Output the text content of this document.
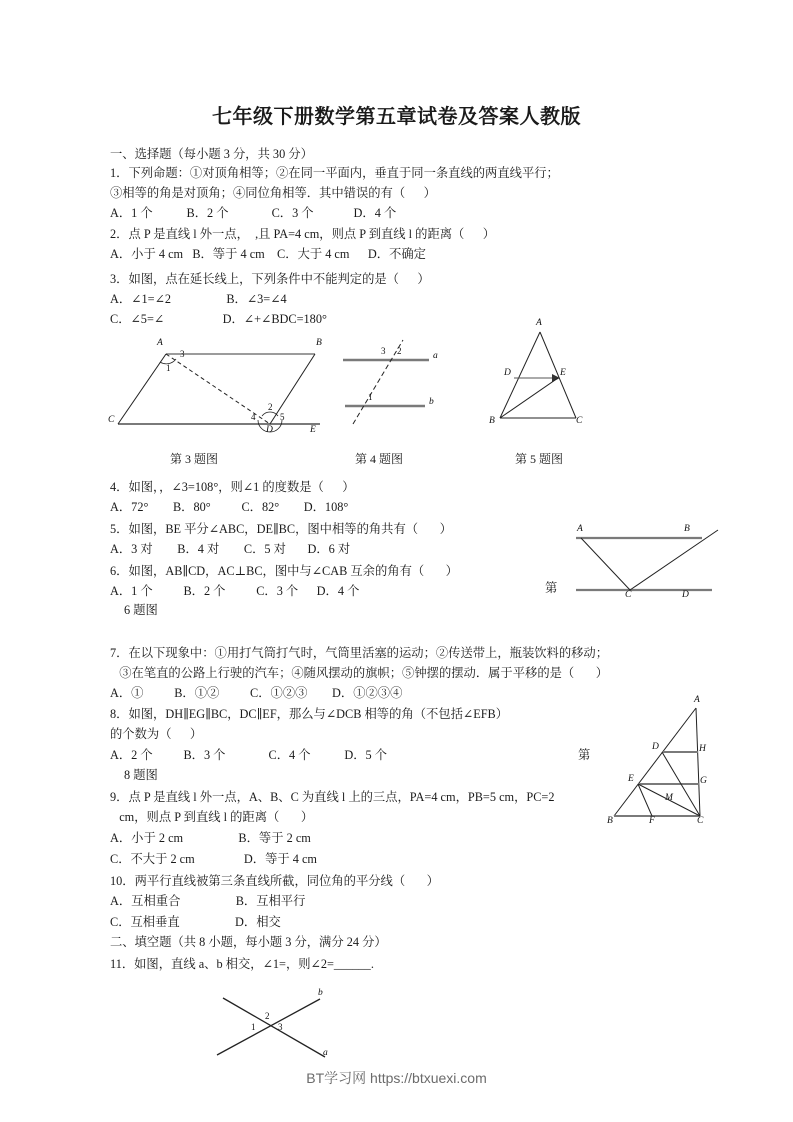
七年级下册数学第五章试卷及答案人教版
一、选择题（每小题 3 分，共 30 分）
1．下列命题：①对顶角相等；②在同一平面内，垂直于同一条直线的两直线平行；
③相等的角是对顶角；④同位角相等．其中错误的有（      ）
A．1 个           B．2 个              C．3 个             D．4 个
2．点 P 是直线 l 外一点，  ,且 PA=4 cm，则点 P 到直线 l 的距离（      ）
A．小于 4 cm   B．等于 4 cm    C．大于 4 cm      D．不确定
3．如图，点在延长线上，下列条件中不能判定的是（      ）
A．∠1=∠2                  B．∠3=∠4
C．∠5=∠                   D．∠+∠BDC=180°
A	B
C
D	E
1
3
2
4	5
a
b
3 2
1
A
B	C
D	E
第 3 题图	第 4 题图	第 5 题图
4．如图，，∠3=108°，则∠1 的度数是（      ）
A．72°        B．80°          C．82°        D．108°
5．如图，BE 平分∠ABC，DE∥BC，图中相等的角共有（       ）
A．3 对        B．4 对        C．5 对       D．6 对
6．如图，AB∥CD，AC⊥BC，图中与∠CAB 互余的角有（       ）
A．1 个          B．2 个          C．3 个      D．4 个
6 题图
第
A	B
C	D
7．在以下现象中：①用打气筒打气时，气筒里活塞的运动；②传送带上，瓶装饮料的移动；
③在笔直的公路上行驶的汽车；④随风摆动的旗帜；⑤钟摆的摆动．属于平移的是（       ）
A．①          B．①②          C．①②③        D．①②③④
8．如图，DH∥EG∥BC，DC∥EF，那么与∠DCB 相等的角（不包括∠EFB）
的个数为（      ）
A．2 个          B．3 个              C．4 个           D．5 个	第
8 题图
A
B	C
D
E
F
G
H
M
9．点 P 是直线 l 外一点，A、B、C 为直线 l 上的三点，PA=4 cm，PB=5 cm，PC=2
cm，则点 P 到直线 l 的距离（       ）
A．小于 2 cm                  B．等于 2 cm
C．不大于 2 cm                D．等于 4 cm
10．两平行直线被第三条直线所截，同位角的平分线（       ）
A．互相重合                  B．互相平行
C．互相垂直                  D．相交
二、填空题（共 8 小题，每小题 3 分，满分 24 分）
11．如图，直线 a、b 相交，∠1=，则∠2=______.
b
a
1
2
3
BT学习网 https://btxuexi.com
